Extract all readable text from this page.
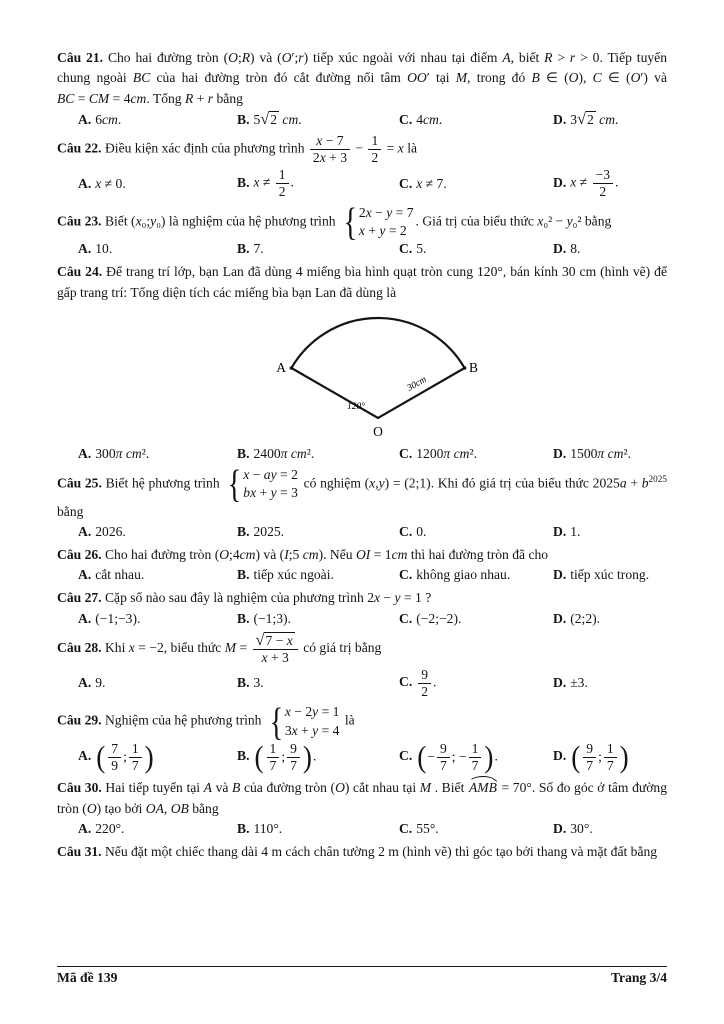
Câu 21. Cho hai đường tròn (O;R) và (O′;r) tiếp xúc ngoài với nhau tại điểm A, biết R > r > 0. Tiếp tuyến chung ngoài BC của hai đường tròn đó cắt đường nối tâm OO′ tại M, trong đó B ∈ (O), C ∈ (O′) và BC = CM = 4cm. Tổng R + r bằng

A. 6cm.	B. 5√2 cm.	C. 4cm.	D. 3√2 cm.

Câu 22. Điều kiện xác định của phương trình $\frac{x - 7}{2x + 3} - \frac{1}{2} = x$ là

A. x ≠ 0.	B. $x \ne \frac{1}{2}$ .	C. x ≠ 7.	D. $x \ne \frac{-3}{2}$ .

Câu 23. Biết (x₀;y₀) là nghiệm của hệ phương trình { 2x − y = 7
x + y = 2
. Giá trị của biểu thức x₀² − y₀² bằng

A. 10.	B. 7.	C. 5.	D. 8.

Câu 24. Để trang trí lớp, bạn Lan đã dùng 4 miếng bìa hình quạt tròn cung 120°, bán kính 30 cm (hình vẽ) để gấp trang trí: Tổng diện tích các miếng bìa bạn Lan đã dùng là

A	B
O
120°
30cm
A. 300π cm².	B. 2400π cm².	C. 1200π cm².	D. 1500π cm².

Câu 25. Biết hệ phương trình { x − ay = 2
bx + y = 3
có nghiệm (x,y) = (2;1). Khi đó giá trị của biểu thức $2025a + b^{2025}$ bằng

A. 2026.	B. 2025.	C. 0.	D. 1.

Câu 26. Cho hai đường tròn (O;4cm) và (I;5 cm). Nếu OI = 1cm thì hai đường tròn đã cho

A. cắt nhau.	B. tiếp xúc ngoài.	C. không giao nhau.	D. tiếp xúc trong.

Câu 27. Cặp số nào sau đây là nghiệm của phương trình 2x − y = 1 ?

A. (−1;−3).	B. (−1;3).	C. (−2;−2).	D. (2;2).

Câu 28. Khi x = −2, biểu thức $M = \frac{√7 - x}{x + 3}$ có giá trị bằng

A. 9.	B. 3.	C. $\frac{9}{2}$ .	D. ±3.

Câu 29. Nghiệm của hệ phương trình { x − 2y = 1
3x + y = 4
là

A. ( $\frac{7}{9}$ ; $\frac{1}{7}$ )	B. ( $\frac{1}{7}$ ; $\frac{9}{7}$ ) .	C. ( − $\frac{9}{7}$ ; − $\frac{1}{7}$ ) .	D. ( $\frac{9}{7}$ ; $\frac{1}{7}$ )

Câu 30. Hai tiếp tuyến tại A và B của đường tròn (O) cắt nhau tại M . Biết AMB = 70°. Số đo góc ở tâm đường tròn (O) tạo bởi OA, OB bằng

A. 220°.	B. 110°.	C. 55°.	D. 30°.

Câu 31. Nếu đặt một chiếc thang dài 4 m cách chân tường 2 m (hình vẽ) thì góc tạo bởi thang và mặt đất bằng

Mã đề 139	Trang 3/4
